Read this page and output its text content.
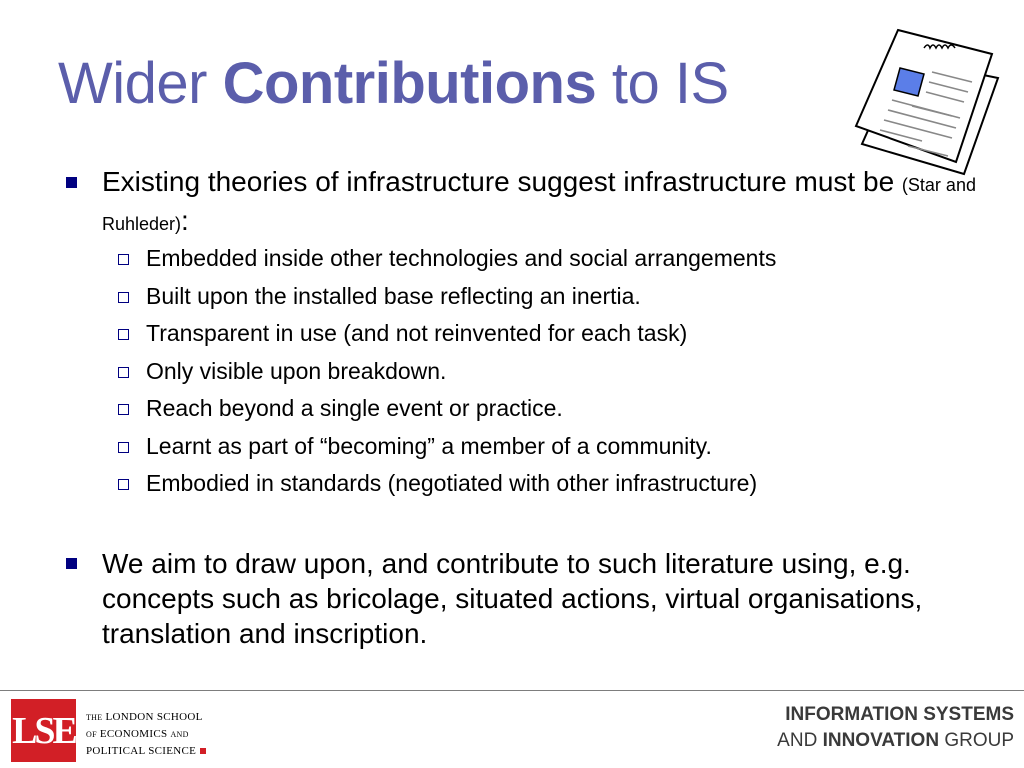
Wider Contributions to IS
Existing theories of infrastructure suggest infrastructure must be (Star and Ruhleder):
Embedded inside other technologies and social arrangements
Built upon the installed base reflecting an inertia.
Transparent in use (and not reinvented for each task)
Only visible upon breakdown.
Reach beyond a single event or practice.
Learnt as part of “becoming” a member of a community.
Embodied in standards (negotiated with other infrastructure)
We aim to draw upon, and contribute to such literature using, e.g. concepts such as bricolage, situated actions, virtual organisations, translation and inscription.
LSE THE LONDON SCHOOL
OF ECONOMICS AND
POLITICAL SCIENCE
INFORMATION SYSTEMS
AND INNOVATION GROUP
